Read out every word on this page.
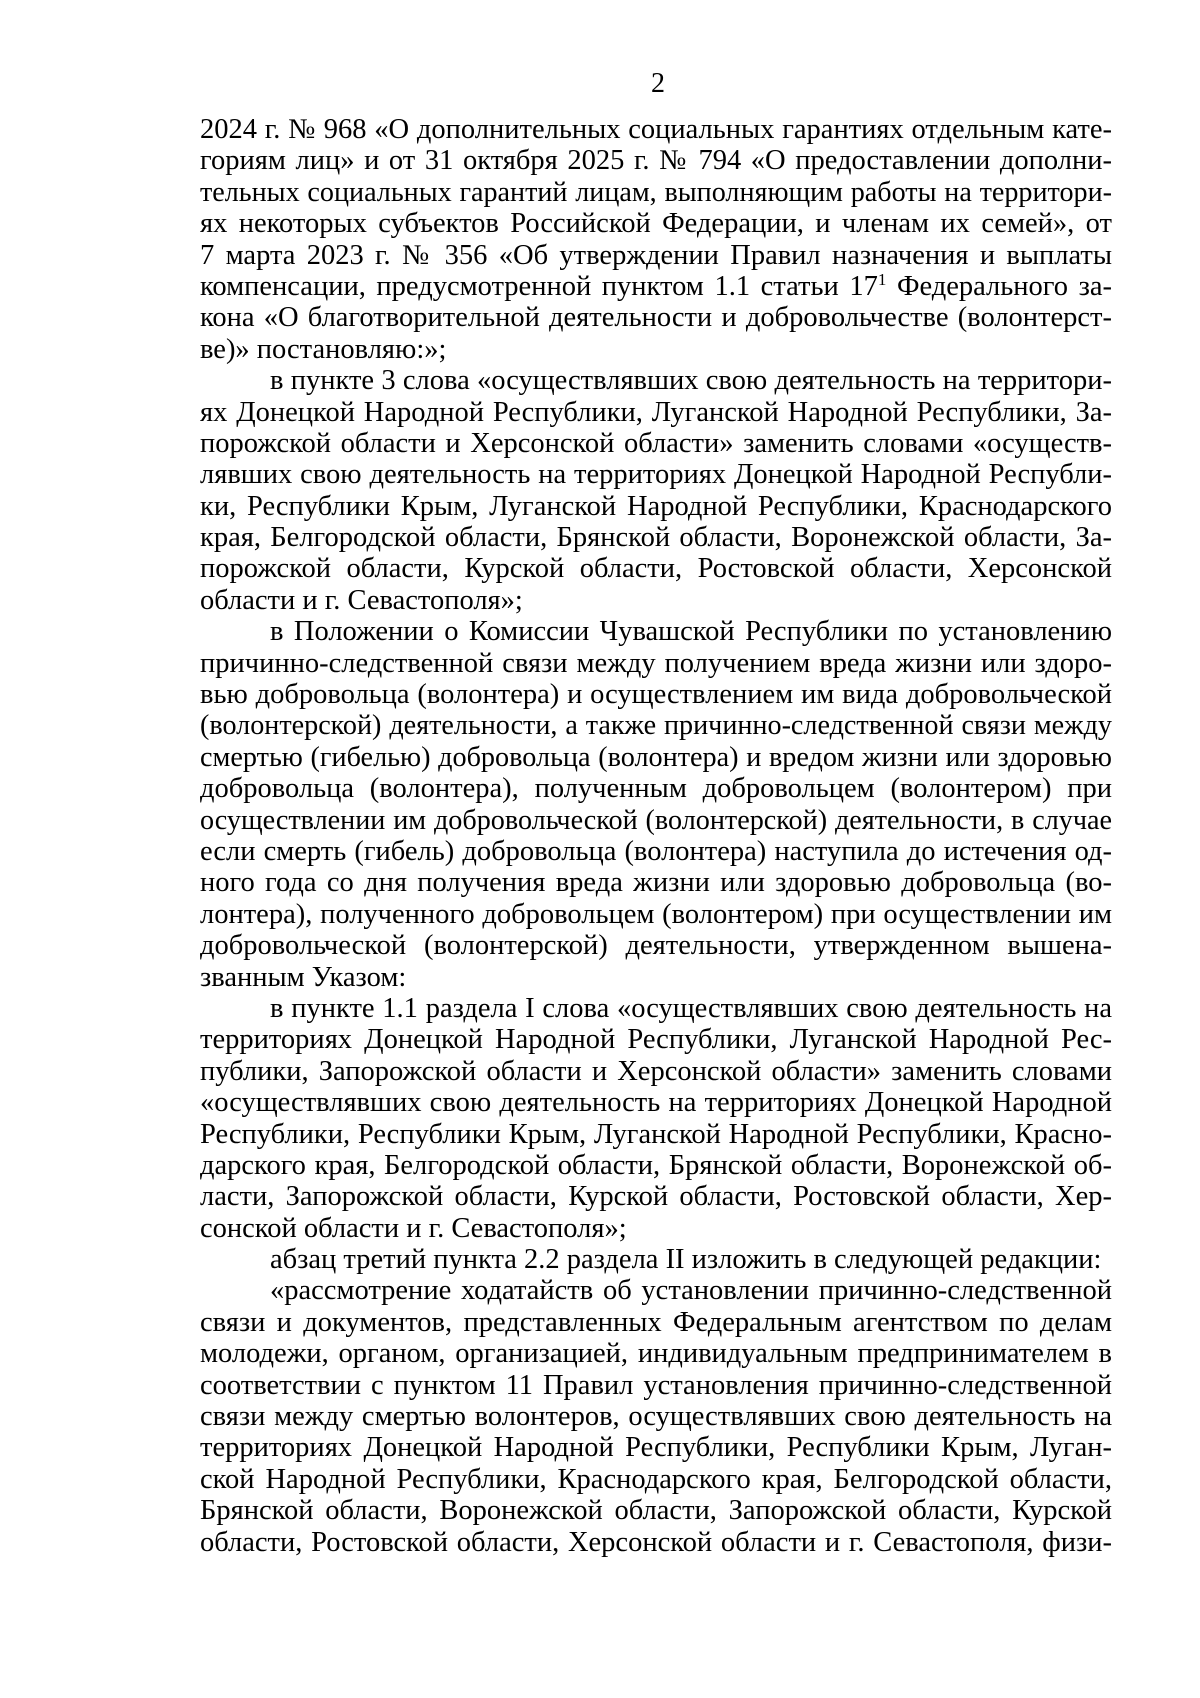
2
2024 г. № 968 «О дополнительных социальных гарантиях отдельным кате-
гориям лиц» и от 31 октября 2025 г. № 794 «О предоставлении дополни-
тельных социальных гарантий лицам, выполняющим работы на территори-
ях некоторых субъектов Российской Федерации, и членам их семей», от
7 марта 2023 г. № 356 «Об утверждении Правил назначения и выплаты
компенсации, предусмотренной пунктом 1.1 статьи $17^1$ Федерального за-
кона «О благотворительной деятельности и добровольчестве (волонтерст-
ве)» постановляю:»;
в пункте 3 слова «осуществлявших свою деятельность на территори-
ях Донецкой Народной Республики, Луганской Народной Республики, За-
порожской области и Херсонской области» заменить словами «осуществ-
лявших свою деятельность на территориях Донецкой Народной Республи-
ки, Республики Крым, Луганской Народной Республики, Краснодарского
края, Белгородской области, Брянской области, Воронежской области, За-
порожской области, Курской области, Ростовской области, Херсонской
области и г. Севастополя»;
в Положении о Комиссии Чувашской Республики по установлению
причинно-следственной связи между получением вреда жизни или здоро-
вью добровольца (волонтера) и осуществлением им вида добровольческой
(волонтерской) деятельности, а также причинно-следственной связи между
смертью (гибелью) добровольца (волонтера) и вредом жизни или здоровью
добровольца (волонтера), полученным добровольцем (волонтером) при
осуществлении им добровольческой (волонтерской) деятельности, в случае
если смерть (гибель) добровольца (волонтера) наступила до истечения од-
ного года со дня получения вреда жизни или здоровью добровольца (во-
лонтера), полученного добровольцем (волонтером) при осуществлении им
добровольческой (волонтерской) деятельности, утвержденном вышена-
званным Указом:
в пункте 1.1 раздела I слова «осуществлявших свою деятельность на
территориях Донецкой Народной Республики, Луганской Народной Рес-
публики, Запорожской области и Херсонской области» заменить словами
«осуществлявших свою деятельность на территориях Донецкой Народной
Республики, Республики Крым, Луганской Народной Республики, Красно-
дарского края, Белгородской области, Брянской области, Воронежской об-
ласти, Запорожской области, Курской области, Ростовской области, Хер-
сонской области и г. Севастополя»;
абзац третий пункта 2.2 раздела II изложить в следующей редакции:
«рассмотрение ходатайств об установлении причинно-следственной
связи и документов, представленных Федеральным агентством по делам
молодежи, органом, организацией, индивидуальным предпринимателем в
соответствии с пунктом 11 Правил установления причинно-следственной
связи между смертью волонтеров, осуществлявших свою деятельность на
территориях Донецкой Народной Республики, Республики Крым, Луган-
ской Народной Республики, Краснодарского края, Белгородской области,
Брянской области, Воронежской области, Запорожской области, Курской
области, Ростовской области, Херсонской области и г. Севастополя, физи-
